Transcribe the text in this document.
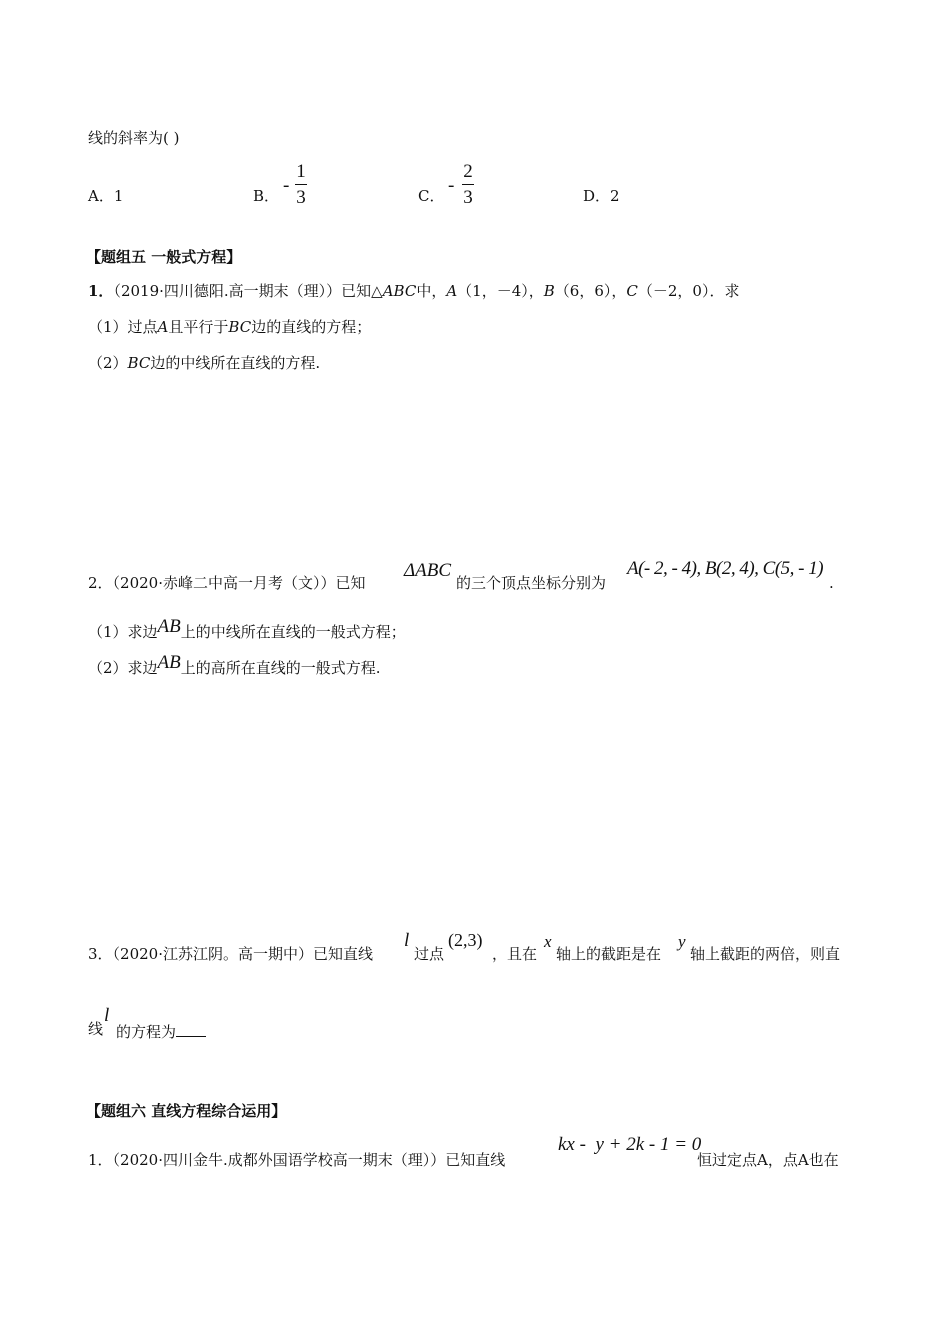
线的斜率为( )
A．1	B． -
1
3	C． -
2
3	D．2
【题组五 一般式方程】
1．（2019·四川德阳.高一期末（理））已知△ABC中，A（1，－4），B（6，6），C（－2，0）．求
（1）过点A且平行于BC边的直线的方程；
（2）BC边的中线所在直线的方程.
2．（2020·赤峰二中高一月考（文））已知
ΔABC
的三个顶点坐标分别为
A(- 2, - 4), B(2, 4), C(5, - 1)
.
（1）求边AB上的中线所在直线的一般式方程；
（2）求边AB上的高所在直线的一般式方程.
3．（2020·江苏江阴。高一期中）已知直线
l
过点
(2,3)
，且在
x
轴上的截距是在
y
轴上截距的两倍，则直
线
l
的方程为
【题组六 直线方程综合运用】
1．（2020·四川金牛.成都外国语学校高一期末（理））已知直线
kx -  y + 2k - 1 = 0
恒过定点A，点A也在
